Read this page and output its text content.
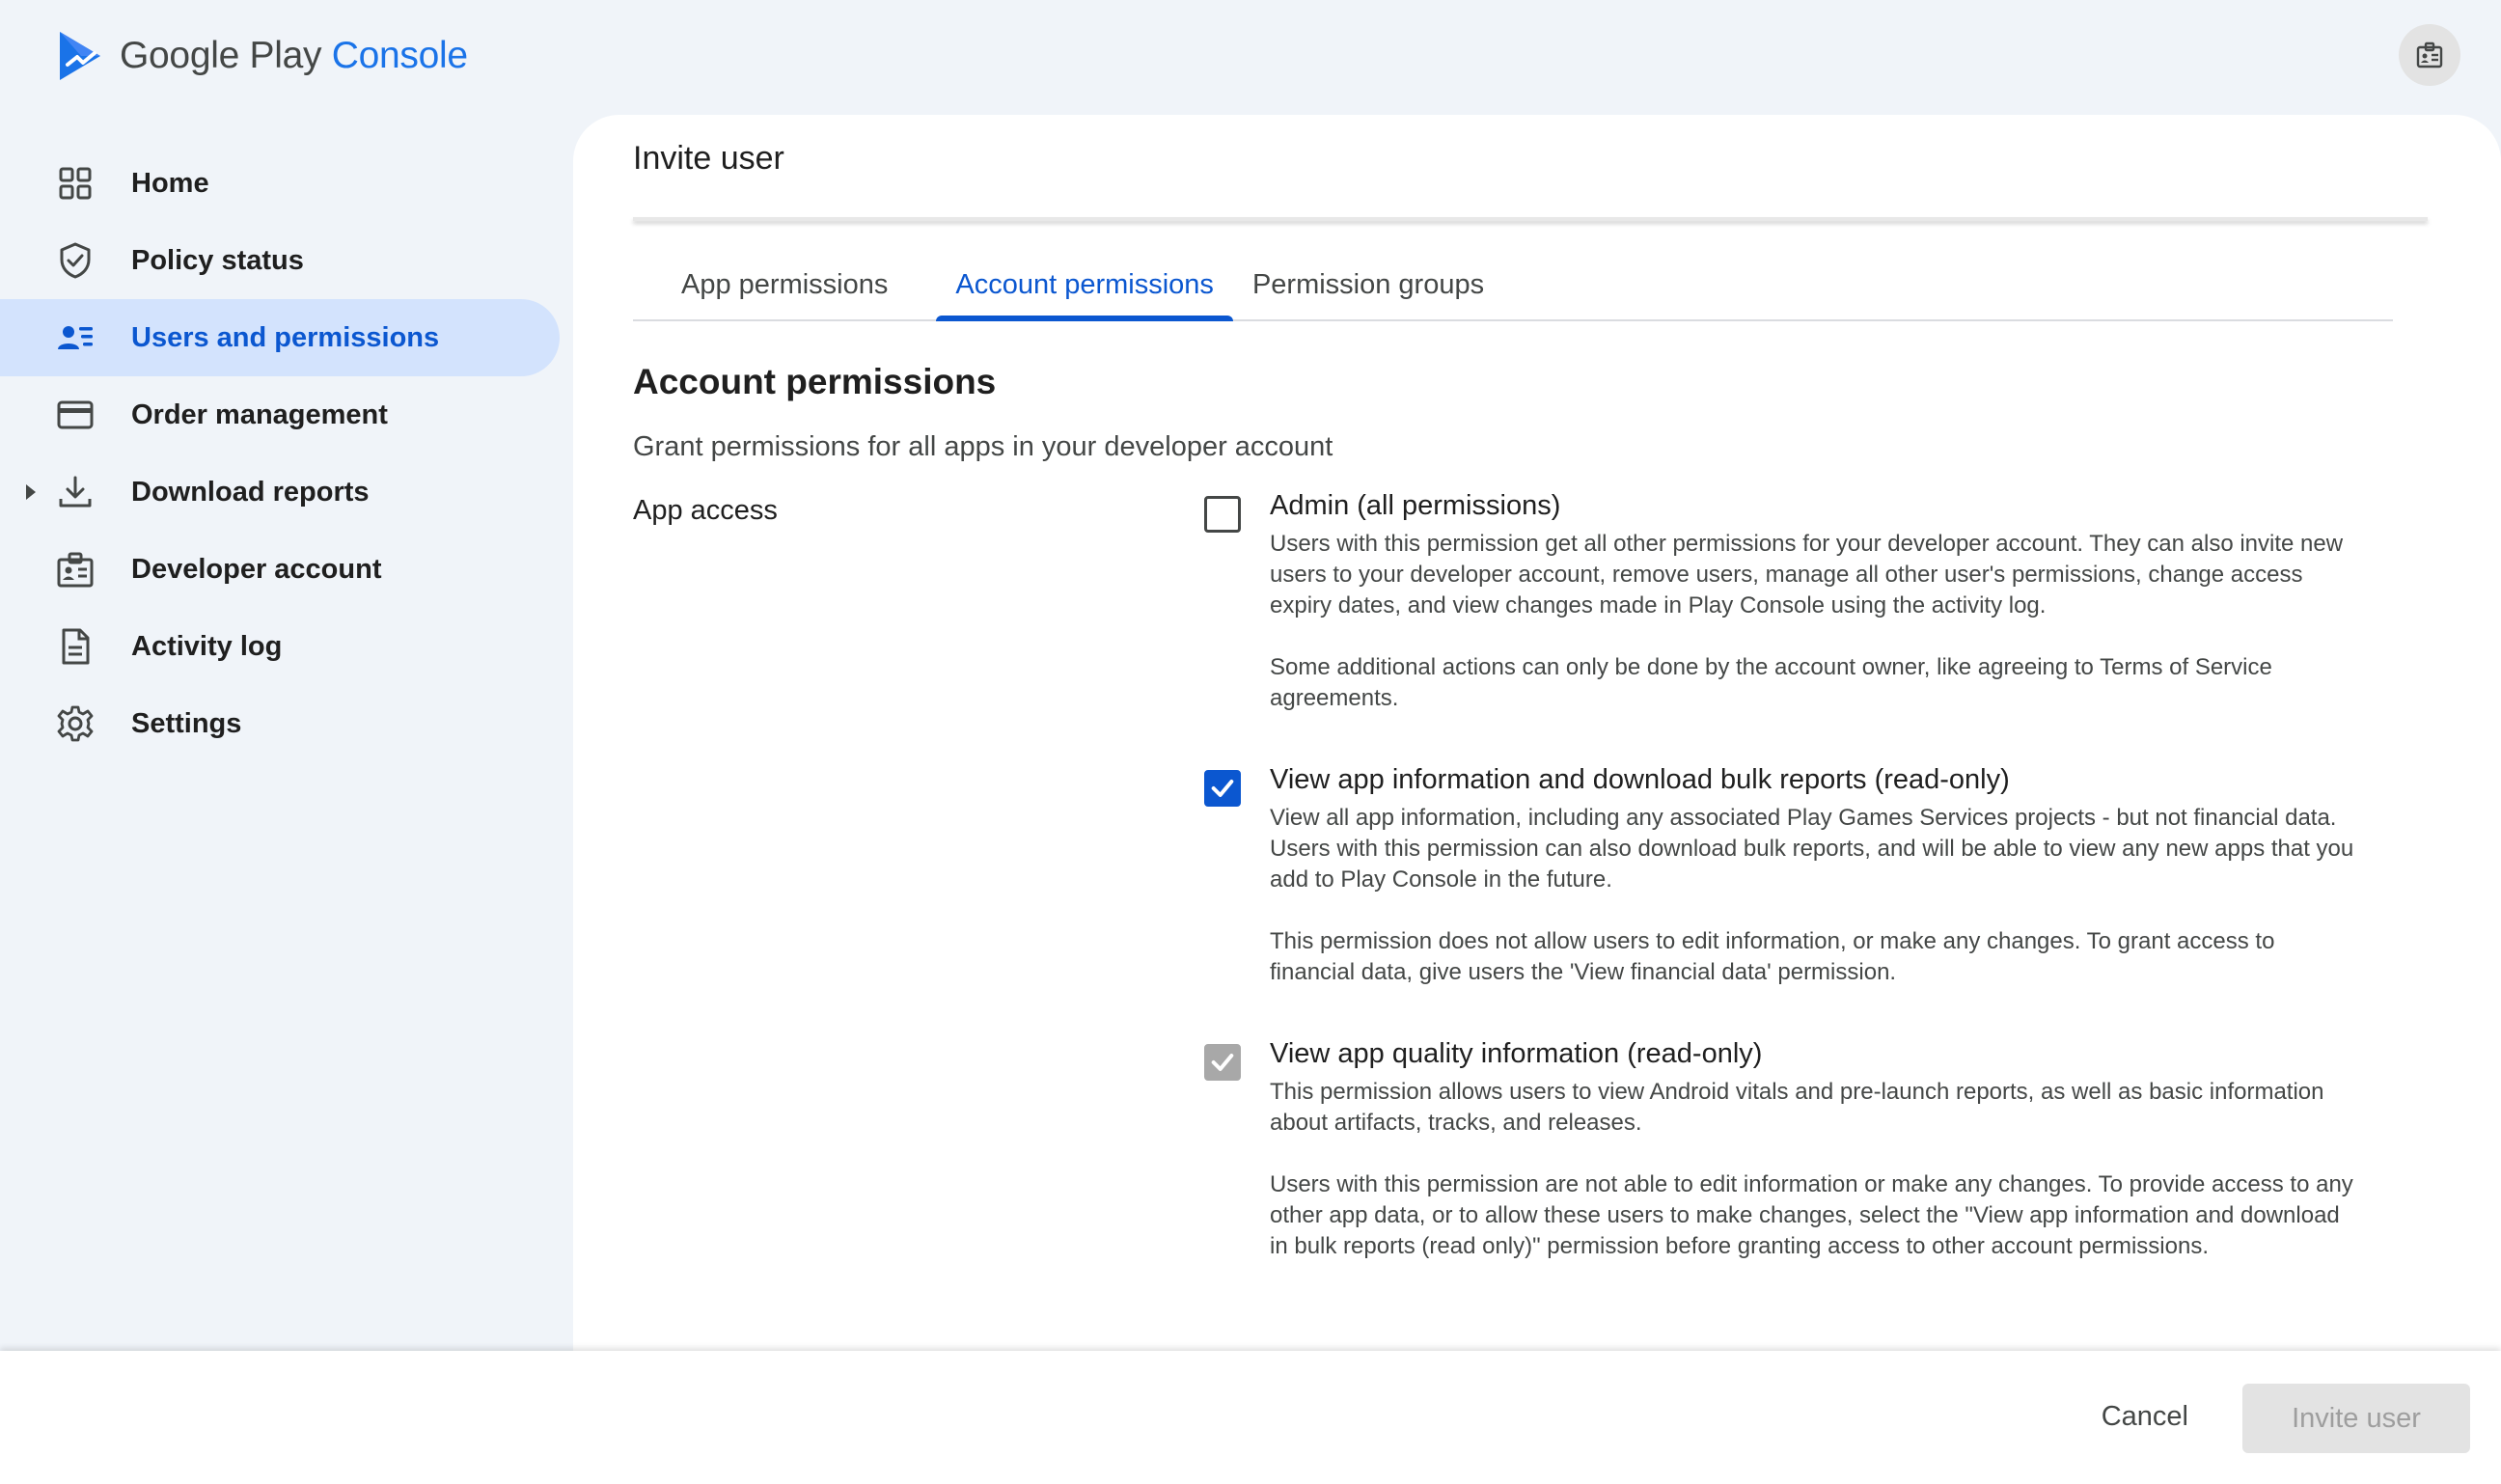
Google Play Console
Home
Policy status
Users and permissions
Order management
Download reports
Developer account
Activity log
Settings
Invite user
App permissions	Account permissions	Permission groups
Account permissions
Grant permissions for all apps in your developer account
App access	Admin (all permissions)

Users with this permission get all other permissions for your developer account. They can also invite new users to your developer account, remove users, manage all other user's permissions, change access expiry dates, and view changes made in Play Console using the activity log.

Some additional actions can only be done by the account owner, like agreeing to Terms of Service agreements.

View app information and download bulk reports (read-only)

View all app information, including any associated Play Games Services projects - but not financial data. Users with this permission can also download bulk reports, and will be able to view any new apps that you add to Play Console in the future.

This permission does not allow users to edit information, or make any changes. To grant access to financial data, give users the 'View financial data' permission.

View app quality information (read-only)

This permission allows users to view Android vitals and pre-launch reports, as well as basic information about artifacts, tracks, and releases.

Users with this permission are not able to edit information or make any changes. To provide access to any other app data, or to allow these users to make changes, select the "View app information and download in bulk reports (read only)" permission before granting access to other account permissions.

Cancel	Invite user
